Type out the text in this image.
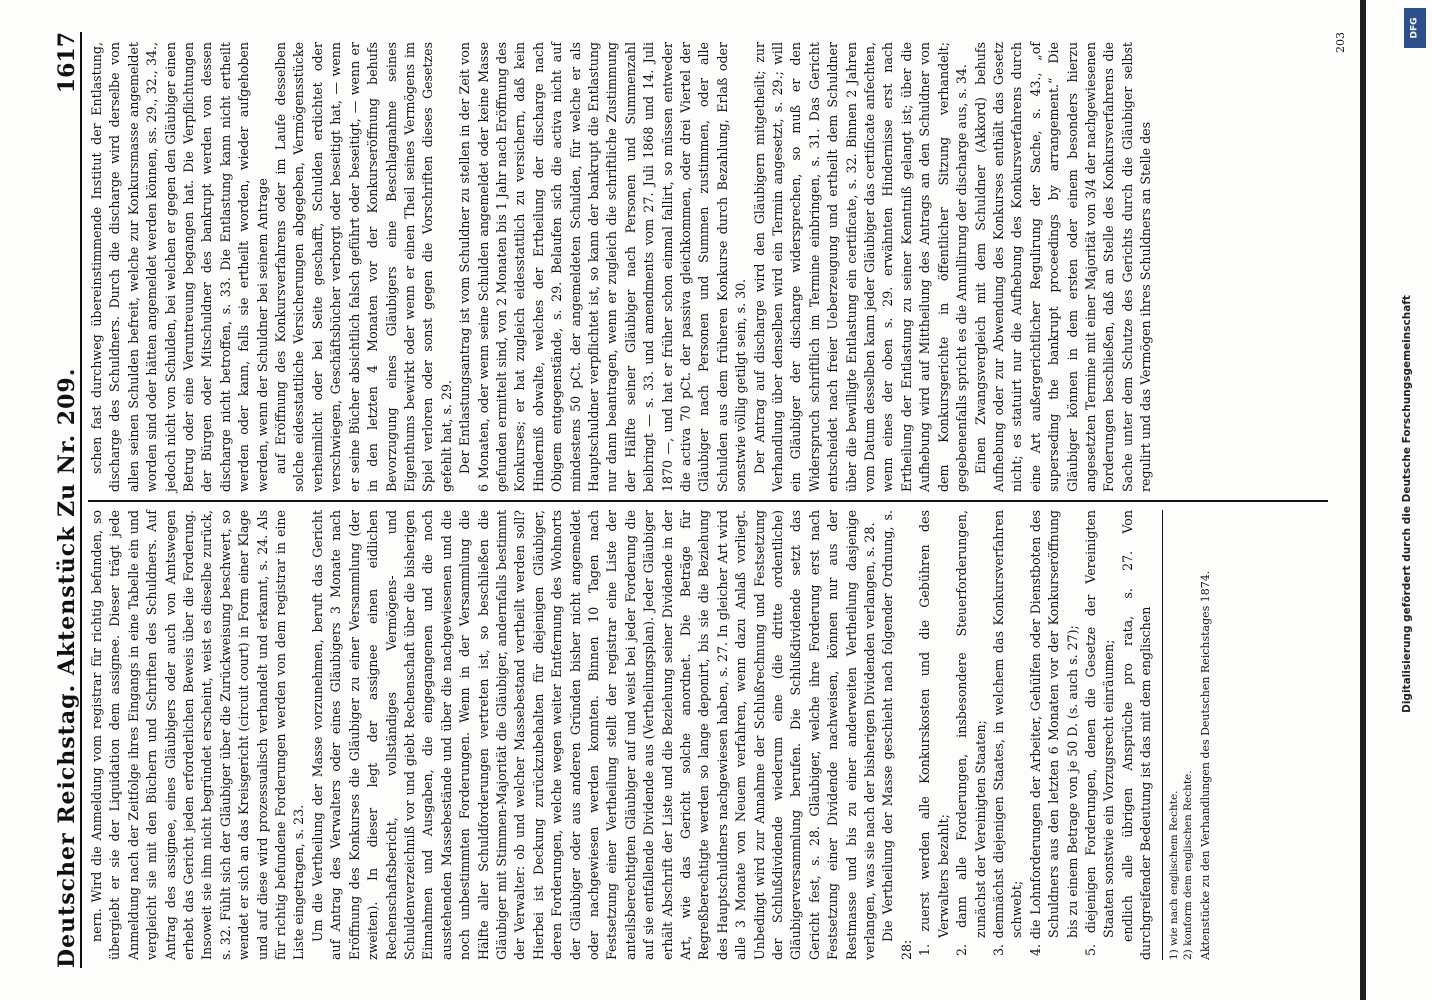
Deutscher Reichstag. Aktenstück Zu Nr. 209.
1617

nern. Wird die Anmeldung vom registrar für richtig befunden, so übergiebt er sie der Liquidation dem assignee. Dieser trägt jede Anmeldung nach der Zeitfolge ihres Eingangs in eine Tabelle ein und vergleicht sie mit den Büchern und Schriften des Schuldners. Auf Antrag des assignee, eines Gläubigers oder auch von Amtswegen erhebt das Gericht jeden erforderlichen Beweis über die Forderung. Insoweit sie ihm nicht begründet erscheint, weist es dieselbe zurück, s. 32. Fühlt sich der Gläubiger über die Zurückweisung beschwert, so wendet er sich an das Kreisgericht (circuit court) in Form einer Klage und auf diese wird prozessualisch verhandelt und erkannt, s. 24. Als für richtig befundene Forderungen werden von dem registrar in eine Liste eingetragen, s. 23. Um die Vertheilung der Masse vorzunehmen, beruft das Gericht auf Antrag des Verwalters oder eines Gläubigers 3 Monate nach Eröffnung des Konkurses die Gläubiger zu einer Versammlung (der zweiten). In dieser legt der assignee einen eidlichen Rechenschaftsbericht, vollständiges Vermögens- und Schuldenverzeichniß vor und giebt Rechenschaft über die bisherigen Einnahmen und Ausgaben, die eingegangenen und die noch ausstehenden Massebestände und über die nachgewiesenen und die noch unbestimmten Forderungen. Wenn in der Versammlung die Hälfte aller Schuldforderungen vertreten ist, so beschließen die Gläubiger mit Stimmen-Majorität die Gläubiger, andernfalls bestimmt der Verwalter: ob und welcher Massebestand vertheilt werden soll? Hierbei ist Deckung zurückzubehalten für diejenigen Gläubiger, deren Forderungen, welche wegen weiter Entfernung des Wohnorts der Gläubiger oder aus anderen Gründen bisher nicht angemeldet oder nachgewiesen werden konnten. Binnen 10 Tagen nach Festsetzung einer Vertheilung stellt der registrar eine Liste der anteilsberechtigten Gläubiger auf und weist bei jeder Forderung die auf sie entfallende Dividende aus (Vertheilungsplan). Jeder Gläubiger erhält Abschrift der Liste und die Beziehung seiner Dividende in der Art, wie das Gericht solche anordnet. Die Beträge für Regreßberechtigte werden so lange deponirt, bis sie die Beziehung des Hauptschuldners nachgewiesen haben, s. 27. In gleicher Art wird alle 3 Monate von Neuem verfahren, wenn dazu Anlaß vorliegt. Unbedingt wird zur Annahme der Schlußrechnung und Festsetzung der Schlußdividende wiederum eine (die dritte ordentliche) Gläubigerversammlung berufen. Die Schlußdividende setzt das Gericht fest, s. 28. Gläubiger, welche ihre Forderung erst nach Festsetzung einer Dividende nachweisen, können nur aus der Restmasse und bis zu einer anderweiten Vertheilung dasjenige verlangen, was sie nach der bisherigen Dividenden verlangen, s. 28. Die Vertheilung der Masse geschieht nach folgender Ordnung, s. 28: 1. zuerst werden alle Konkurskosten und die Gebühren des Verwalters bezahlt; 2. dann alle Forderungen, insbesondere Steuerforderungen, zunächst der Vereinigten Staaten; 3. demnächst diejenigen Staates, in welchem das Konkursverfahren schwebt; 4. die Lohnforderungen der Arbeiter, Gehülfen oder Dienstboten des Schuldners aus den letzten 6 Monaten vor der Konkurseröffnung bis zu einem Betrage von je 50 D. (s. auch s. 27); 5. diejenigen Forderungen, denen die Gesetze der Vereinigten Staaten sonstwie ein Vorzugsrecht einräumen; endlich alle übrigen Ansprüche pro rata, s. 27. Von durchgreifender Bedeutung ist das mit dem englischen 1) wie nach englischem Rechte. 2) konform dem englischen Rechte. Aktenstücke zu den Verhandlungen des Deutschen Reichstages 1874.

schen fast durchweg übereinstimmende Institut der Entlastung, discharge des Schuldners. Durch die discharge wird derselbe von allen seinen Schulden befreit, welche zur Konkursmasse angemeldet worden sind oder hätten angemeldet werden können, ss. 29., 32., 34., jedoch nicht von Schulden, bei welchen er gegen den Gläubiger einen Betrug oder eine Veruntreuung begangen hat. Die Verpflichtungen der Bürgen oder Mitschuldner des bankrupt werden von dessen discharge nicht betroffen, s. 33. Die Entlastung kann nicht ertheilt werden oder kann, falls sie ertheilt worden, wieder aufgehoben werden, wenn der Schuldner bei seinem Antrage auf Eröffnung des Konkursverfahrens oder im Laufe desselben solche eidesstattliche Versicherungen abgegeben, Vermögensstücke verheimlicht oder bei Seite geschafft, Schulden erdichtet oder verschwiegen, Geschäftsbücher verborgt oder beseitigt hat, — wenn er seine Bücher absichtlich falsch geführt oder beseitigt, — wenn er in den letzten 4 Monaten vor der Konkurseröffnung behufs Bevorzugung eines Gläubigers eine Beschlagnahme seines Eigenthums bewirkt oder wenn er einen Theil seines Vermögens im Spiel verloren oder sonst gegen die Vorschriften dieses Gesetzes gefehlt hat, s. 29. Der Entlastungsantrag ist vom Schuldner zu stellen in der Zeit von 6 Monaten, oder wenn seine Schulden angemeldet oder keine Masse gefunden ermittelt sind, von 2 Monaten bis 1 Jahr nach Eröffnung des Konkurses; er hat zugleich eidesstattlich zu versichern, daß kein Hinderniß obwalte, welches der Ertheilung der discharge nach Obigem entgegenstände, s. 29. Belaufen sich die activa nicht auf mindestens 50 pCt. der angemeldeten Schulden, für welche er als Hauptschuldner verpflichtet ist, so kann der bankrupt die Entlastung nur dann beantragen, wenn er zugleich die schriftliche Zustimmung der Hälfte seiner Gläubiger nach Personen und Summenzahl beibringt — s. 33. und amendments vom 27. Juli 1868 und 14. Juli 1870 —, und hat er früher schon einmal fallirt, so müssen entweder die activa 70 pCt. der passiva gleichkommen, oder drei Viertel der Gläubiger nach Personen und Summen zustimmen, oder alle Schulden aus dem früheren Konkurse durch Bezahlung, Erlaß oder sonstwie völlig getilgt sein, s. 30. Der Antrag auf discharge wird den Gläubigern mitgetheilt; zur Verhandlung über denselben wird ein Termin angesetzt, s. 29.; will ein Gläubiger der discharge widersprechen, so muß er den Widerspruch schriftlich im Termine einbringen, s. 31. Das Gericht entscheidet nach freier Ueberzeugung und ertheilt dem Schuldner über die bewilligte Entlastung ein certificate, s. 32. Binnen 2 Jahren vom Datum desselben kann jeder Gläubiger das certificate anfechten, wenn eines der oben s. 29. erwähnten Hindernisse erst nach Ertheilung der Entlastung zu seiner Kenntniß gelangt ist; über die Aufhebung wird auf Mittheilung des Antrags an den Schuldner von dem Konkursgerichte in öffentlicher Sitzung verhandelt; gegebenenfalls spricht es die Annullirung der discharge aus, s. 34. Einen Zwangsvergleich mit dem Schuldner (Akkord) behufs Aufhebung oder zur Abwendung des Konkurses enthält das Gesetz nicht; es statuirt nur die Aufhebung des Konkursverfahrens durch eine Art außergerichtlicher Regulirung der Sache, s. 43., „of superseding the bankrupt proceedings by arrangement.“ Die Gläubiger können in dem ersten oder einem besonders hierzu angesetzten Termine mit einer Majorität von 3/4 der nachgewiesenen Forderungen beschließen, daß an Stelle des Konkursverfahrens die Sache unter dem Schutze des Gerichts durch die Gläubiger selbst regulirt und das Vermögen ihres Schuldners an Stelle des

203
Digitalisierung gefördert durch die Deutsche Forschungsgemeinschaft
DFG
